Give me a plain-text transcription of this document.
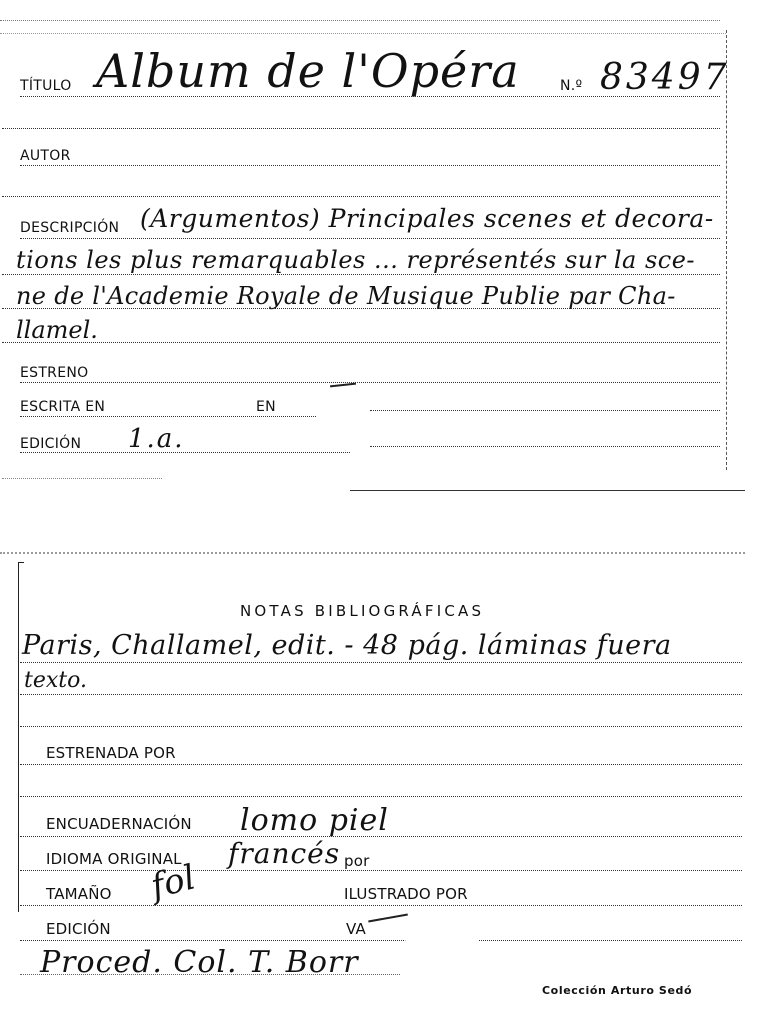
TÍTULO Album de l'Opéra	N.º 83497
AUTOR
DESCRIPCIÓN (Argumentos) Principales scenes et decora-
tions les plus remarquables ... représentés sur la sce-
ne de l'Academie Royale de Musique Publie par Cha-
llamel.
ESTRENO
ESCRITA EN	EN
EDICIÓN 1.a.
NOTAS BIBLIOGRÁFICAS
Paris, Challamel, edit. - 48 pág. láminas fuera
texto.
ESTRENADA POR
ENCUADERNACIÓN lomo piel
IDIOMA ORIGINAL francés por
TAMAÑO fol	ILUSTRADO POR
EDICIÓN	VA
Proced. Col. T. Borr
Colección Arturo Sedó
